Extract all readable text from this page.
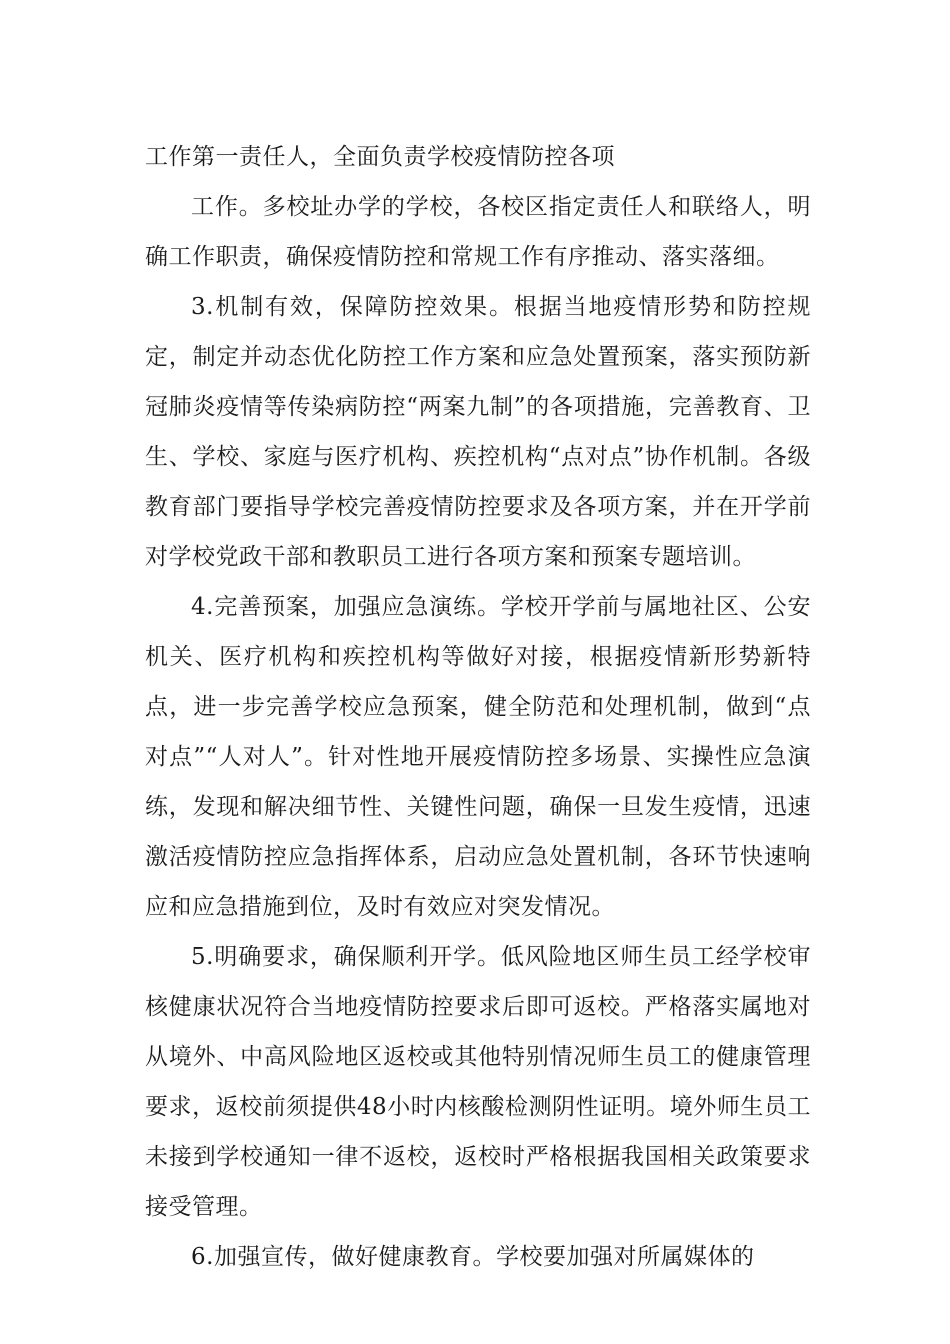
工作第一责任人，全面负责学校疫情防控各项

工作。多校址办学的学校，各校区指定责任人和联络人，明确工作职责，确保疫情防控和常规工作有序推动、落实落细。

3.机制有效，保障防控效果。根据当地疫情形势和防控规定，制定并动态优化防控工作方案和应急处置预案，落实预防新冠肺炎疫情等传染病防控“两案九制”的各项措施，完善教育、卫生、学校、家庭与医疗机构、疾控机构“点对点”协作机制。各级教育部门要指导学校完善疫情防控要求及各项方案，并在开学前对学校党政干部和教职员工进行各项方案和预案专题培训。

4.完善预案，加强应急演练。学校开学前与属地社区、公安机关、医疗机构和疾控机构等做好对接，根据疫情新形势新特点，进一步完善学校应急预案，健全防范和处理机制，做到“点对点”“人对人”。针对性地开展疫情防控多场景、实操性应急演练，发现和解决细节性、关键性问题，确保一旦发生疫情，迅速激活疫情防控应急指挥体系，启动应急处置机制，各环节快速响应和应急措施到位，及时有效应对突发情况。

5.明确要求，确保顺利开学。低风险地区师生员工经学校审核健康状况符合当地疫情防控要求后即可返校。严格落实属地对从境外、中高风险地区返校或其他特别情况师生员工的健康管理要求，返校前须提供48小时内核酸检测阴性证明。境外师生员工未接到学校通知一律不返校，返校时严格根据我国相关政策要求接受管理。

6.加强宣传，做好健康教育。学校要加强对所属媒体的
